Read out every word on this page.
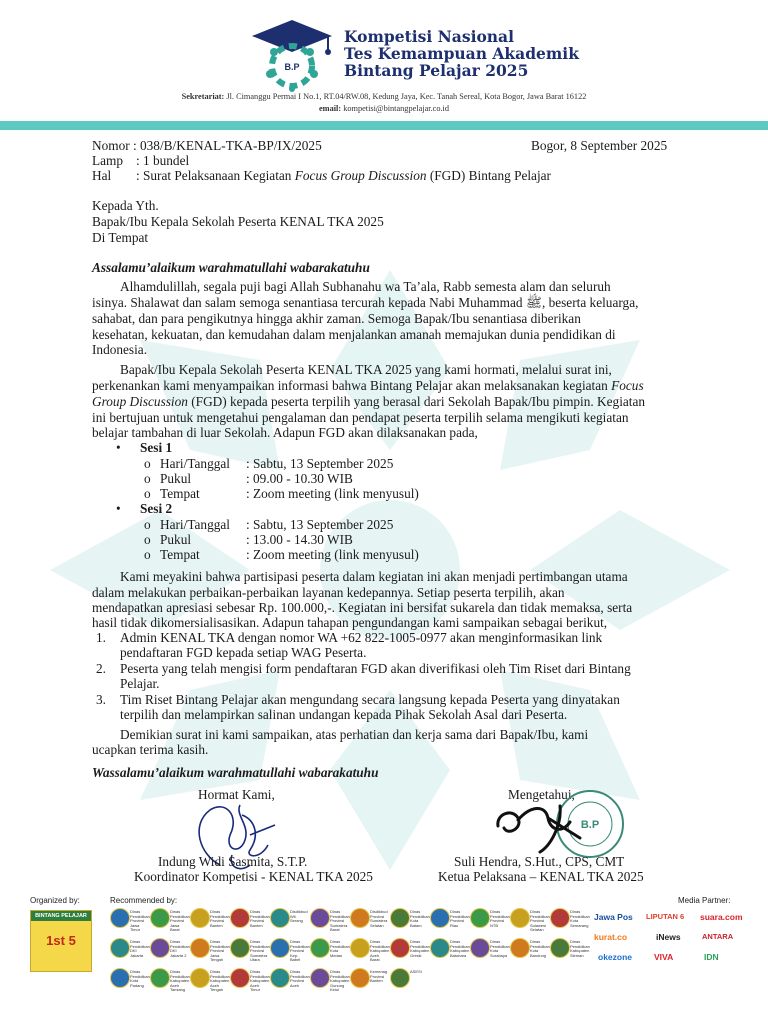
B.P
Kompetisi Nasional
Tes Kemampuan Akademik
Bintang Pelajar 2025
Sekretariat: Jl. Cimanggu Permai I No.1, RT.04/RW.08, Kedung Jaya, Kec. Tanah Sereal, Kota Bogor, Jawa Barat 16122
email: kompetisi@bintangpelajar.co.id
Nomor : 038/B/KENAL-TKA-BP/IX/2025	Bogor, 8 September 2025
Lamp : 1 bundel
Hal : Surat Pelaksanaan Kegiatan Focus Group Discussion (FGD) Bintang Pelajar
Kepada Yth.
Bapak/Ibu Kepala Sekolah Peserta KENAL TKA 2025
Di Tempat
Assalamu’alaikum warahmatullahi wabarakatuhu
Alhamdulillah, segala puji bagi Allah Subhanahu wa Ta’ala, Rabb semesta alam dan seluruh
isinya. Shalawat dan salam semoga senantiasa tercurah kepada Nabi Muhammad ﷺ, beserta keluarga,
sahabat, dan para pengikutnya hingga akhir zaman. Semoga Bapak/Ibu senantiasa diberikan
kesehatan, kekuatan, dan kemudahan dalam menjalankan amanah memajukan dunia pendidikan di
Indonesia.
Bapak/Ibu Kepala Sekolah Peserta KENAL TKA 2025 yang kami hormati, melalui surat ini,
perkenankan kami menyampaikan informasi bahwa Bintang Pelajar akan melaksanakan kegiatan Focus
Group Discussion (FGD) kepada peserta terpilih yang berasal dari Sekolah Bapak/Ibu pimpin. Kegiatan
ini bertujuan untuk mengetahui pengalaman dan pendapat peserta terpilih selama mengikuti kegiatan
belajar tambahan di luar Sekolah. Adapun FGD akan dilaksanakan pada,
• Sesi 1
o Hari/Tanggal : Sabtu, 13 September 2025
o Pukul	: 09.00 - 10.30 WIB
o Tempat	: Zoom meeting (link menyusul)
• Sesi 2
o Hari/Tanggal : Sabtu, 13 September 2025
o Pukul	: 13.00 - 14.30 WIB
o Tempat	: Zoom meeting (link menyusul)
Kami meyakini bahwa partisipasi peserta dalam kegiatan ini akan menjadi pertimbangan utama
dalam melakukan perbaikan-perbaikan layanan kedepannya. Setiap peserta terpilih, akan
mendapatkan apresiasi sebesar Rp. 100.000,-. Kegiatan ini bersifat sukarela dan tidak memaksa, serta
hasil tidak dikomersialisasikan. Adapun tahapan pengundangan kami sampaikan sebagai berikut,
1. Admin KENAL TKA dengan nomor WA +62 822-1005-0977 akan menginformasikan link
pendaftaran FGD kepada setiap WAG Peserta.
2. Peserta yang telah mengisi form pendaftaran FGD akan diverifikasi oleh Tim Riset dari Bintang
Pelajar.
3. Tim Riset Bintang Pelajar akan mengundang secara langsung kepada Peserta yang dinyatakan
terpilih dan melampirkan salinan undangan kepada Pihak Sekolah Asal dari Peserta.
Demikian surat ini kami sampaikan, atas perhatian dan kerja sama dari Bapak/Ibu, kami
ucapkan terima kasih.
Wassalamu’alaikum warahmatullahi wabarakatuhu
Hormat Kami,
Indung Widi Sasmita, S.T.P.
Koordinator Kompetisi - KENAL TKA 2025
Mengetahui,
B.P
Suli Hendra, S.Hut., CPS, CMT
Ketua Pelaksana – KENAL TKA 2025
Organized by:	Recommended by:	Media Partner:
BINTANG PELAJAR
1st 5
Dinas Pendidikan Provinsi Jawa Timur
Dinas Pendidikan Provinsi Jawa Barat
Dinas Pendidikan Provinsi Banten
Dinas Pendidikan Provinsi Banten
Disdikbud Wil. Serang
Dinas Pendidikan Provinsi Sumatera Barat
Disdikbud Provinsi Sumatera Selatan
Dinas Pendidikan Kota Batam
Dinas Pendidikan Provinsi Riau
Dinas Pendidikan Provinsi NTB
Dinas Pendidikan Provinsi Sulawesi Selatan
Dinas Pendidikan Kota Semarang
Dinas Pendidikan DKI Jakarta
Dinas Pendidikan DKI Jakarta 2
Dinas Pendidikan Provinsi Jawa Tengah
Dinas Pendidikan Provinsi Sumatera Utara
Dinas Pendidikan Provinsi Kep. Babel
Dinas Pendidikan Kota Medan
Dinas Pendidikan Kabupaten Aceh Barat
Dinas Pendidikan Kabupaten Gresik
Dinas Pendidikan Kabupaten Batubara
Dinas Pendidikan Kota Surabaya
Dinas Pendidikan Kota Bandung
Dinas Pendidikan Kabupaten Sleman
Dinas Pendidikan Kota Padang
Dinas Pendidikan Kabupaten Aceh Tamiang
Dinas Pendidikan Kabupaten Aceh Tengah
Dinas Pendidikan Kabupaten Aceh Timur
Dinas Pendidikan Provinsi Aceh
Dinas Pendidikan Kabupaten Gunung Kidul
Kemenag Provinsi Banten
ASESI
Jawa Pos LIPUTAN 6 suara.com
kurat.co	iNews	ANTARA
okezone	VIVA	IDN
